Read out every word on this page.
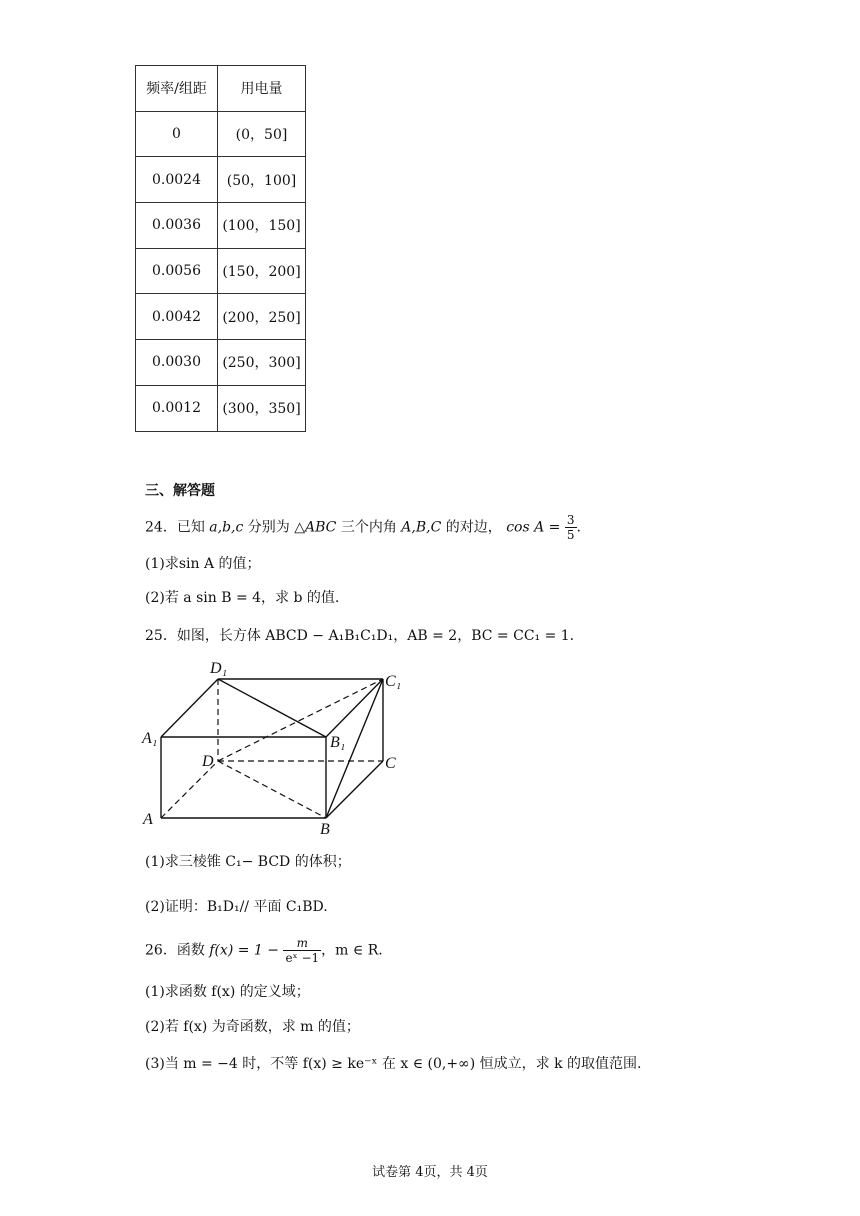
频率/组距	用电量
0	(0，50]
0.0024	(50，100]
0.0036	(100，150]
0.0056	(150，200]
0.0042	(200，250]
0.0030	(250，300]
0.0012	(300，350]
三、解答题
24．已知 a,b,c 分别为 △ABC 三个内角 A,B,C 的对边， $\cos A = \frac{3}{5}$ .
(1)求sin A 的值；
(2)若 a sin B = 4，求 b 的值.
25．如图，长方体 ABCD − A₁B₁C₁D₁，AB = 2，BC = CC₁ = 1.
A
B
C
D
A₁	B₁
C₁
D₁
(1)求三棱锥 C₁− BCD 的体积；
(2)证明：B₁D₁// 平面 C₁BD.
26．函数 $f(x) = 1 - \frac{m}{\text{eˣ −1}}$ ，m ∈ R.
(1)求函数 f(x) 的定义域；
(2)若 f(x) 为奇函数，求 m 的值；
(3)当 m = −4 时，不等 f(x) ≥ ke⁻ˣ 在 x ∈ (0,+∞) 恒成立，求 k 的取值范围.
试卷第 4页，共 4页
